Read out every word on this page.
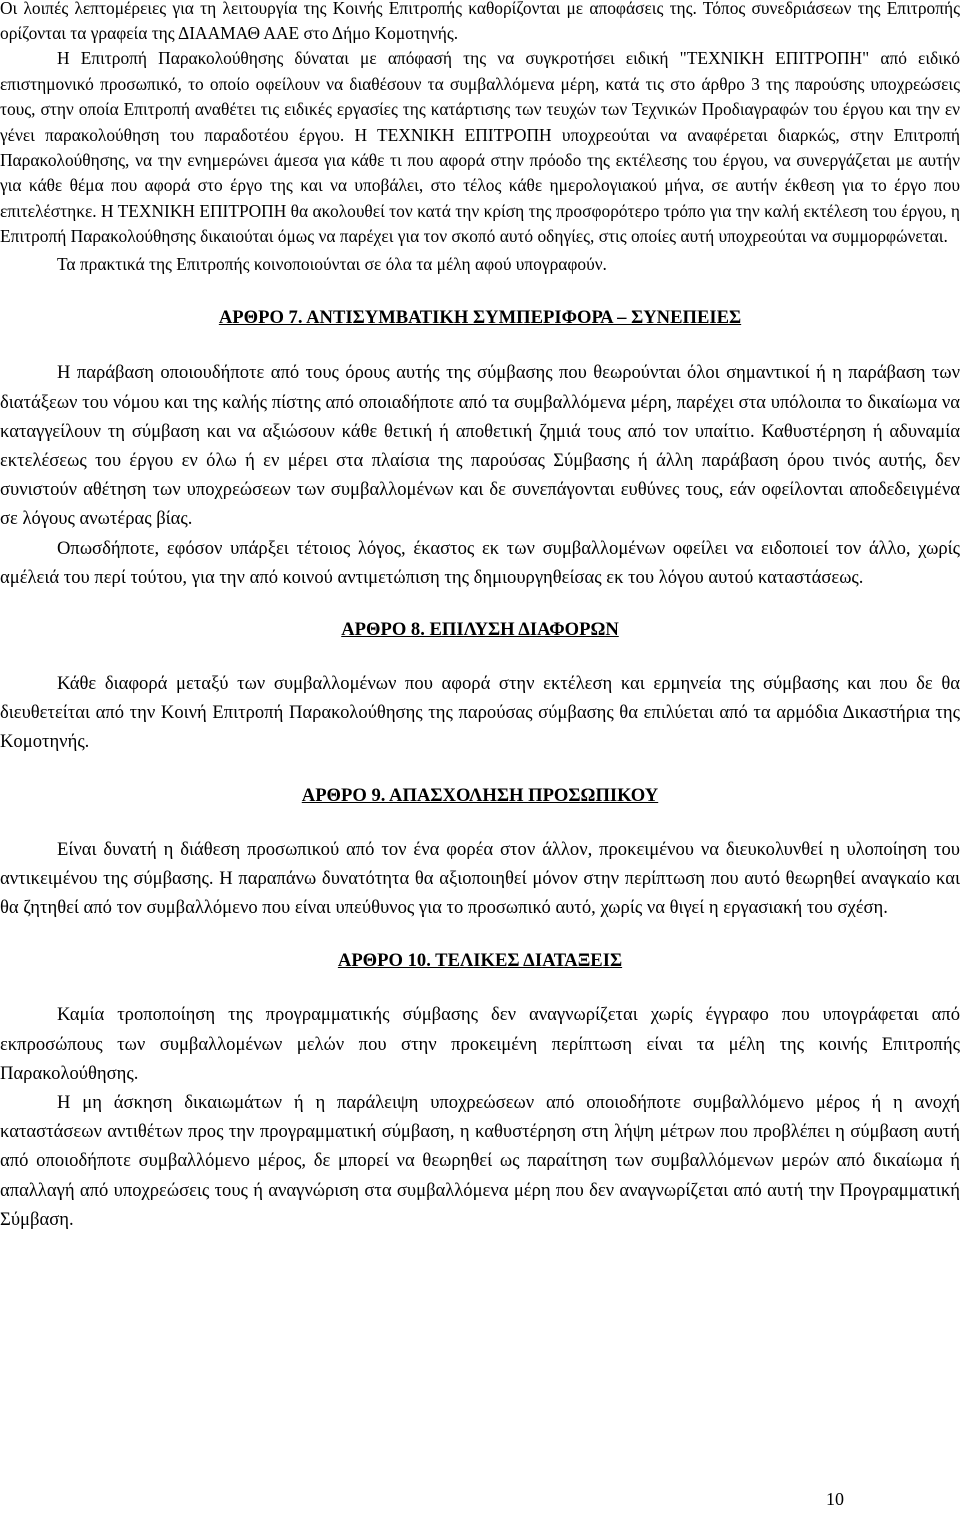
Οι λοιπές λεπτομέρειες για τη λειτουργία της Κοινής Επιτροπής καθορίζονται με αποφάσεις της. Τόπος συνεδριάσεων της Επιτροπής ορίζονται τα γραφεία της ΔΙΑΑΜΑΘ ΑΑΕ στο Δήμο Κομοτηνής.

Η Επιτροπή Παρακολούθησης δύναται με απόφασή της να συγκροτήσει ειδική "ΤΕΧΝΙΚΗ ΕΠΙΤΡΟΠΗ" από ειδικό επιστημονικό προσωπικό, το οποίο οφείλουν να διαθέσουν τα συμβαλλόμενα μέρη, κατά τις στο άρθρο 3 της παρούσης υποχρεώσεις τους, στην οποία Επιτροπή αναθέτει τις ειδικές εργασίες της κατάρτισης των τευχών των Τεχνικών Προδιαγραφών του έργου και την εν γένει παρακολούθηση του παραδοτέου έργου. Η ΤΕΧΝΙΚΗ ΕΠΙΤΡΟΠΗ υποχρεούται να αναφέρεται διαρκώς, στην Επιτροπή Παρακολούθησης, να την ενημερώνει άμεσα για κάθε τι που αφορά στην πρόοδο της εκτέλεσης του έργου, να συνεργάζεται με αυτήν για κάθε θέμα που αφορά στο έργο της και να υποβάλει, στο τέλος κάθε ημερολογιακού μήνα, σε αυτήν έκθεση για το έργο που επιτελέστηκε. Η ΤΕΧΝΙΚΗ ΕΠΙΤΡΟΠΗ θα ακολουθεί τον κατά την κρίση της προσφορότερο τρόπο για την καλή εκτέλεση του έργου, η Επιτροπή Παρακολούθησης δικαιούται όμως να παρέχει για τον σκοπό αυτό οδηγίες, στις οποίες αυτή υποχρεούται να συμμορφώνεται.

Τα πρακτικά της Επιτροπής κοινοποιούνται σε όλα τα μέλη αφού υπογραφούν.

ΑΡΘΡΟ 7. ΑΝΤΙΣΥΜΒΑΤΙΚΗ ΣΥΜΠΕΡΙΦΟΡΑ – ΣΥΝΕΠΕΙΕΣ

Η παράβαση οποιουδήποτε από τους όρους αυτής της σύμβασης που θεωρούνται όλοι σημαντικοί ή η παράβαση των διατάξεων του νόμου και της καλής πίστης από οποιαδήποτε από τα συμβαλλόμενα μέρη, παρέχει στα υπόλοιπα το δικαίωμα να καταγγείλουν τη σύμβαση και να αξιώσουν κάθε θετική ή αποθετική ζημιά τους από τον υπαίτιο. Καθυστέρηση ή αδυναμία εκτελέσεως του έργου εν όλω ή εν μέρει στα πλαίσια της παρούσας Σύμβασης ή άλλη παράβαση όρου τινός αυτής, δεν συνιστούν αθέτηση των υποχρεώσεων των συμβαλλομένων και δε συνεπάγονται ευθύνες τους, εάν οφείλονται αποδεδειγμένα σε λόγους ανωτέρας βίας.

Οπωσδήποτε, εφόσον υπάρξει τέτοιος λόγος, έκαστος εκ των συμβαλλομένων οφείλει να ειδοποιεί τον άλλο, χωρίς αμέλειά του περί τούτου, για την από κοινού αντιμετώπιση της δημιουργηθείσας εκ του λόγου αυτού καταστάσεως.

ΑΡΘΡΟ 8. ΕΠΙΛΥΣΗ ΔΙΑΦΟΡΩΝ

Κάθε διαφορά μεταξύ των συμβαλλομένων που αφορά στην εκτέλεση και ερμηνεία της σύμβασης και που δε θα διευθετείται από την Κοινή Επιτροπή Παρακολούθησης της παρούσας σύμβασης θα επιλύεται από τα αρμόδια Δικαστήρια της Κομοτηνής.

ΑΡΘΡΟ 9. ΑΠΑΣΧΟΛΗΣΗ ΠΡΟΣΩΠΙΚΟΥ

Είναι δυνατή η διάθεση προσωπικού από τον ένα φορέα στον άλλον, προκειμένου να διευκολυνθεί η υλοποίηση του αντικειμένου της σύμβασης. Η παραπάνω δυνατότητα θα αξιοποιηθεί μόνον στην περίπτωση που αυτό θεωρηθεί αναγκαίο και θα ζητηθεί από τον συμβαλλόμενο που είναι υπεύθυνος για το προσωπικό αυτό, χωρίς να θιγεί η εργασιακή του σχέση.

ΑΡΘΡΟ 10. ΤΕΛΙΚΕΣ ΔΙΑΤΑΞΕΙΣ

Καμία τροποποίηση της προγραμματικής σύμβασης δεν αναγνωρίζεται χωρίς έγγραφο που υπογράφεται από εκπροσώπους των συμβαλλομένων μελών που στην προκειμένη περίπτωση είναι τα μέλη της κοινής Επιτροπής Παρακολούθησης.

Η μη άσκηση δικαιωμάτων ή η παράλειψη υποχρεώσεων από οποιοδήποτε συμβαλλόμενο μέρος ή η ανοχή καταστάσεων αντιθέτων προς την προγραμματική σύμβαση, η καθυστέρηση στη λήψη μέτρων που προβλέπει η σύμβαση αυτή από οποιοδήποτε συμβαλλόμενο μέρος, δε μπορεί να θεωρηθεί ως παραίτηση των συμβαλλόμενων μερών από δικαίωμα ή απαλλαγή από υποχρεώσεις τους ή αναγνώριση στα συμβαλλόμενα μέρη που δεν αναγνωρίζεται από αυτή την Προγραμματική Σύμβαση.

10
